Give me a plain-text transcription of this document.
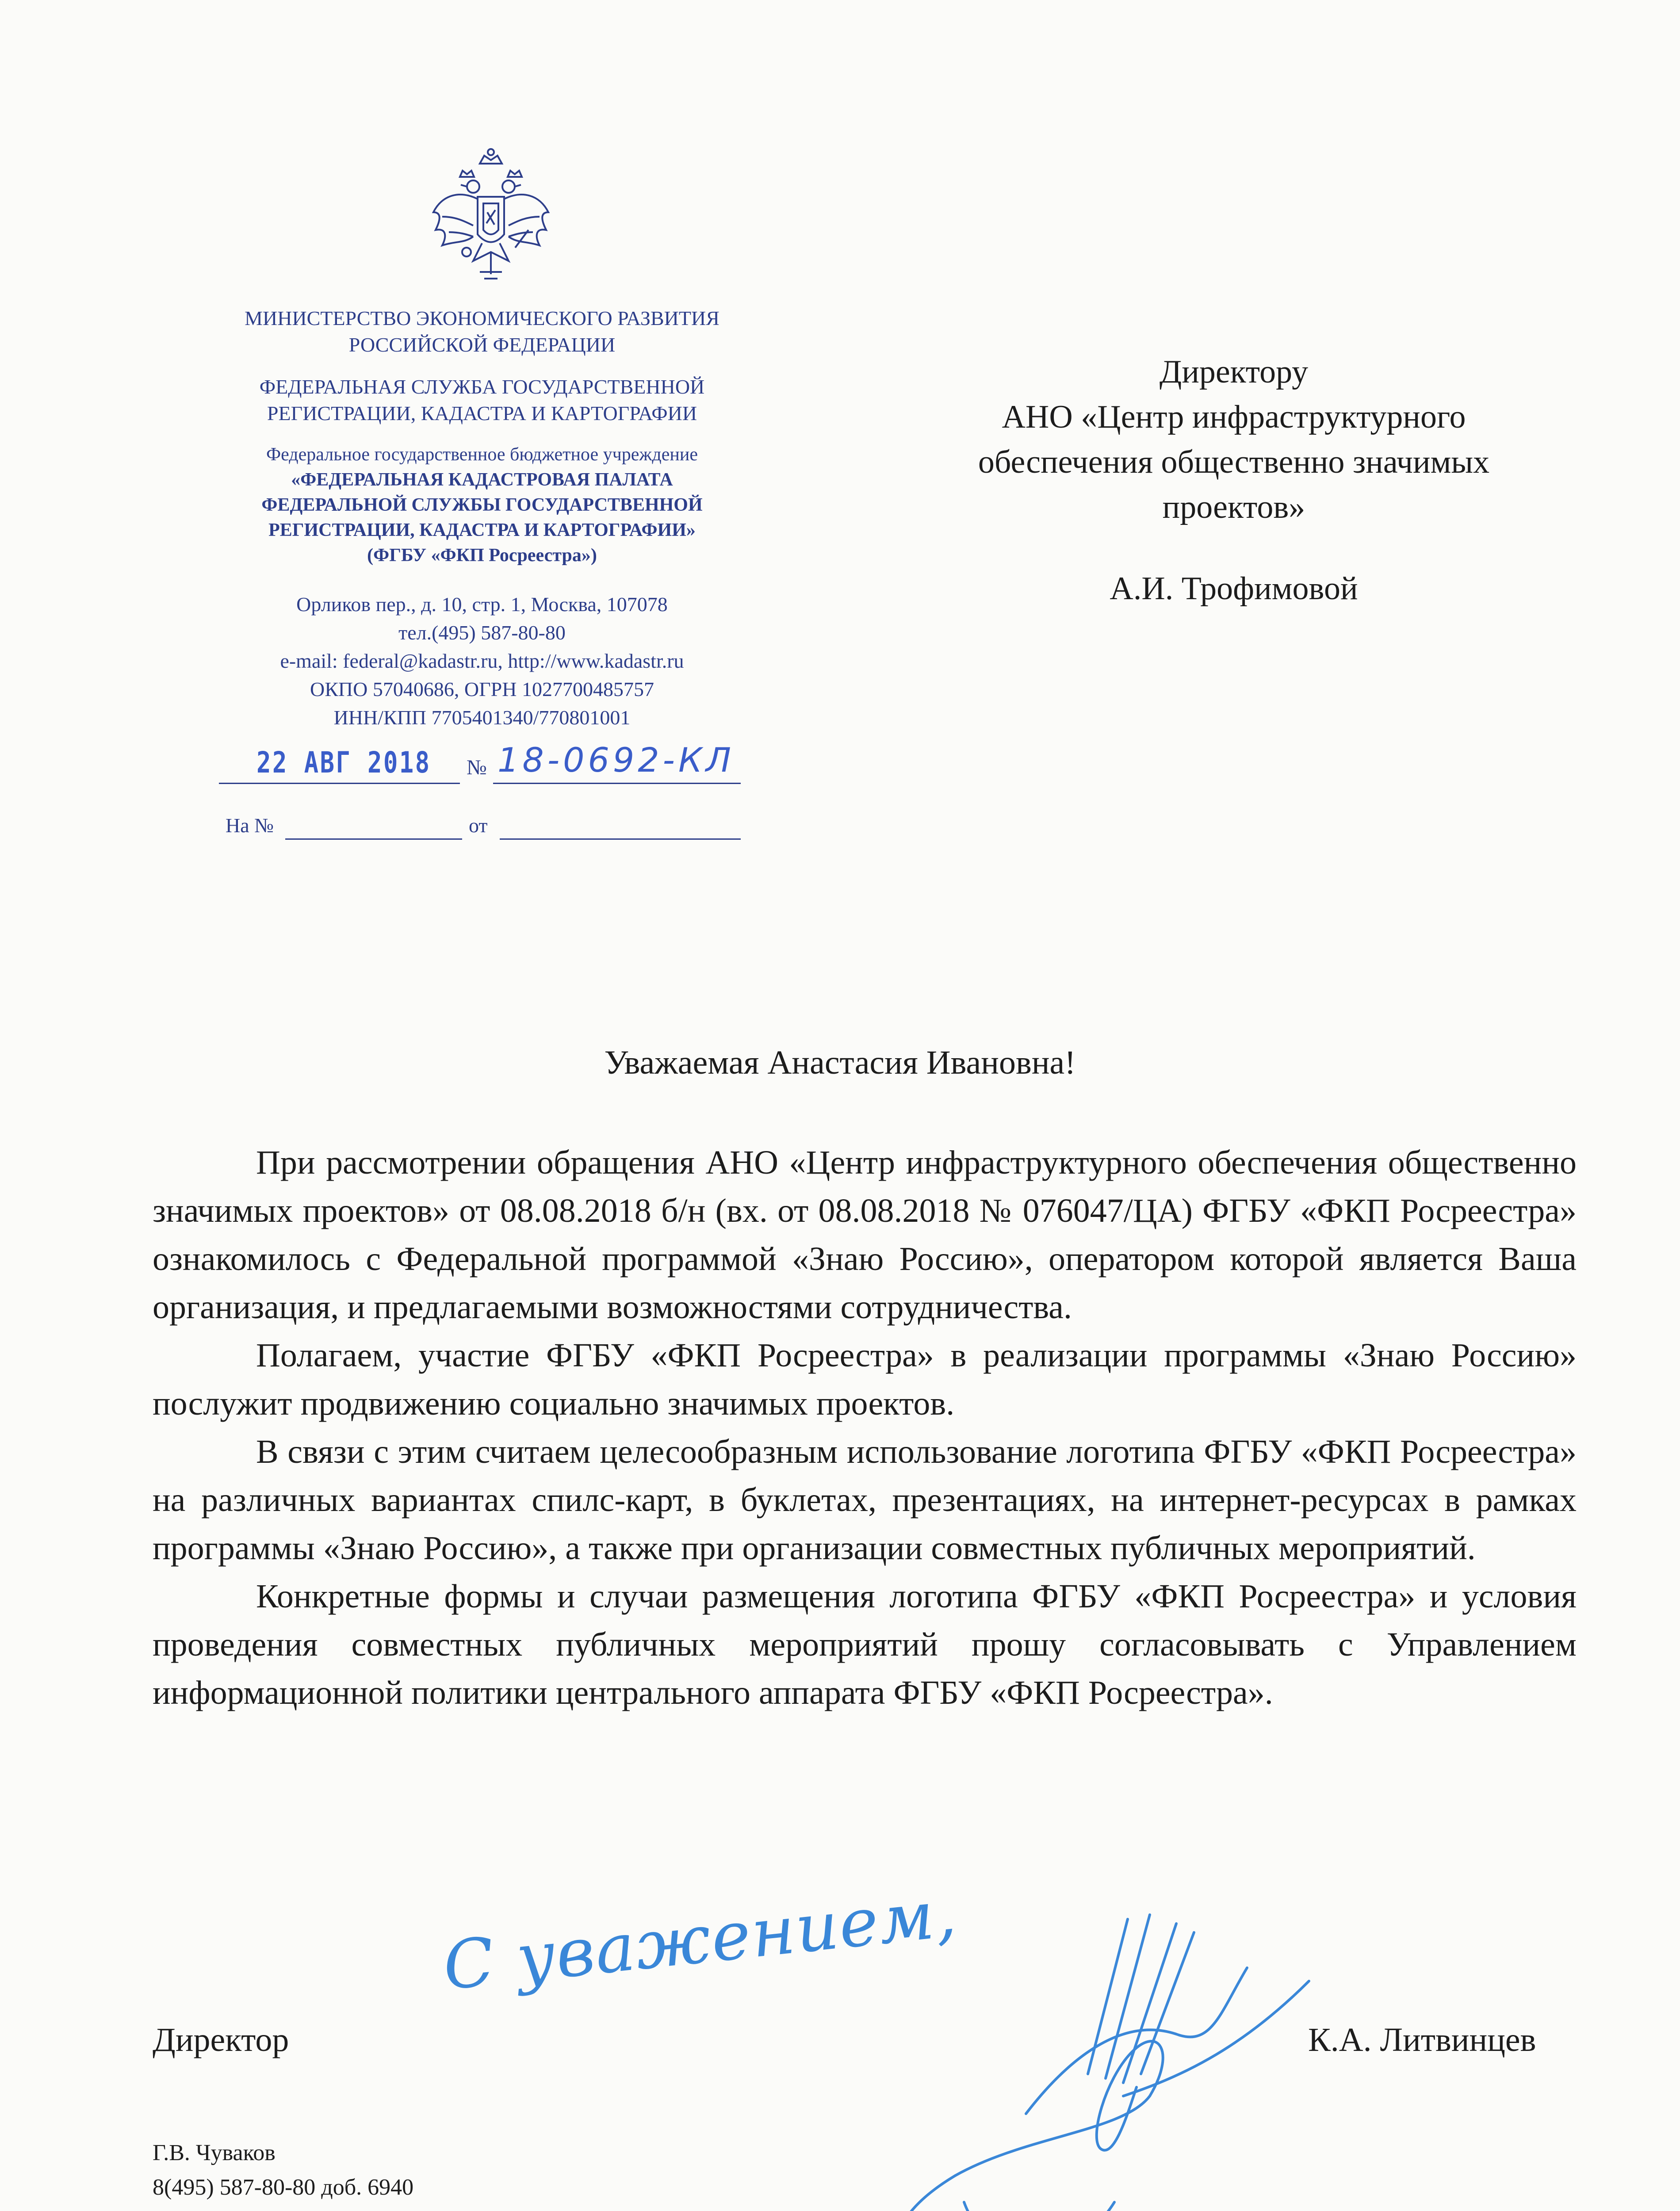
МИНИСТЕРСТВО ЭКОНОМИЧЕСКОГО РАЗВИТИЯ
РОССИЙСКОЙ ФЕДЕРАЦИИ
ФЕДЕРАЛЬНАЯ СЛУЖБА ГОСУДАРСТВЕННОЙ
РЕГИСТРАЦИИ, КАДАСТРА И КАРТОГРАФИИ
Федеральное государственное бюджетное учреждение
«ФЕДЕРАЛЬНАЯ КАДАСТРОВАЯ ПАЛАТА
ФЕДЕРАЛЬНОЙ СЛУЖБЫ ГОСУДАРСТВЕННОЙ
РЕГИСТРАЦИИ, КАДАСТРА И КАРТОГРАФИИ»
(ФГБУ «ФКП Росреестра»)
Орликов пер., д. 10, стр. 1, Москва, 107078
тел.(495) 587-80-80
e-mail: federal@kadastr.ru, http://www.kadastr.ru
ОКПО 57040686, ОГРН 1027700485757
ИНН/КПП 7705401340/770801001
22 АВГ 2018 № 18-0692-КЛ
На №	от
Директору
АНО «Центр инфраструктурного
обеспечения общественно значимых
проектов»
А.И. Трофимовой
Уважаемая Анастасия Ивановна!

При рассмотрении обращения АНО «Центр инфраструктурного обеспечения общественно значимых проектов» от 08.08.2018 б/н (вх. от 08.08.2018 № 076047/ЦА) ФГБУ «ФКП Росреестра» ознакомилось с Федеральной программой «Знаю Россию», оператором которой является Ваша организация, и предлагаемыми возможностями сотрудничества.

Полагаем, участие ФГБУ «ФКП Росреестра» в реализации программы «Знаю Россию» послужит продвижению социально значимых проектов.

В связи с этим считаем целесообразным использование логотипа ФГБУ «ФКП Росреестра» на различных вариантах спилс-карт, в буклетах, презентациях, на интернет-ресурсах в рамках программы «Знаю Россию», а также при организации совместных публичных мероприятий.

Конкретные формы и случаи размещения логотипа ФГБУ «ФКП Росреестра» и условия проведения совместных публичных мероприятий прошу согласовывать с Управлением информационной политики центрального аппарата ФГБУ «ФКП Росреестра».

С уважением,
Директор	К.А. Литвинцев
Г.В. Чуваков
8(495) 587-80-80 доб. 6940
